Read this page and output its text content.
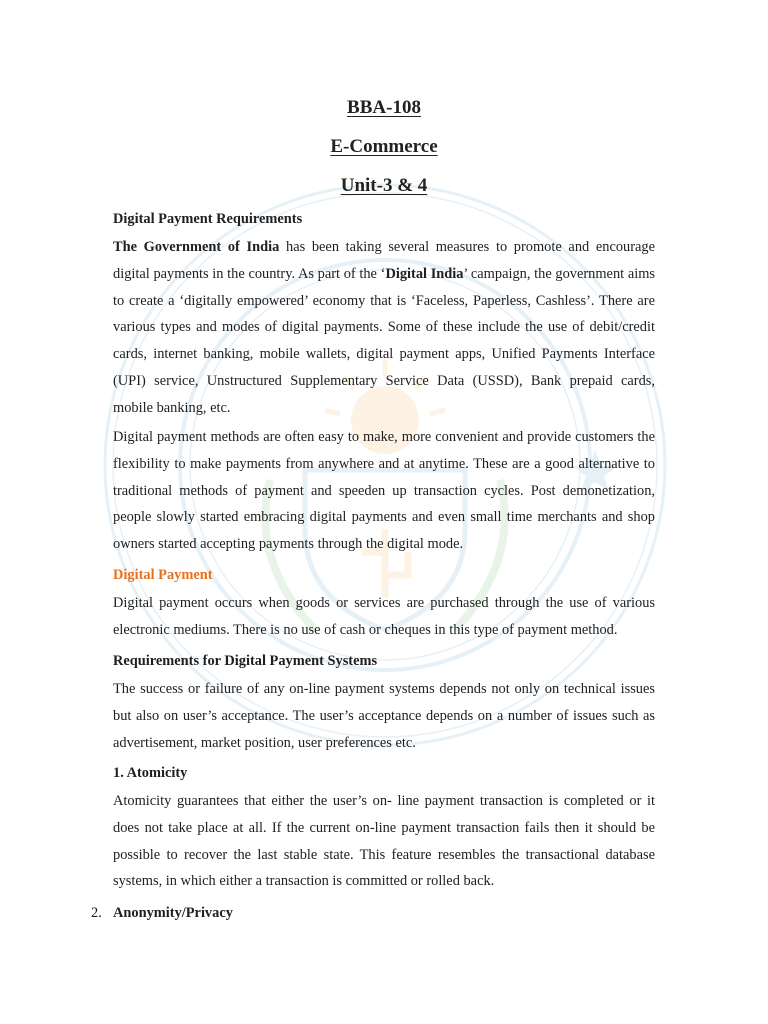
BBA-108
E-Commerce
Unit-3 & 4
Digital Payment Requirements
The Government of India has been taking several measures to promote and encourage digital payments in the country. As part of the ‘Digital India’ campaign, the government aims to create a ‘digitally empowered’ economy that is ‘Faceless, Paperless, Cashless’. There are various types and modes of digital payments. Some of these include the use of debit/credit cards, internet banking, mobile wallets, digital payment apps, Unified Payments Interface (UPI) service, Unstructured Supplementary Service Data (USSD), Bank prepaid cards, mobile banking, etc.
Digital payment methods are often easy to make, more convenient and provide customers the flexibility to make payments from anywhere and at anytime. These are a good alternative to traditional methods of payment and speeden up transaction cycles. Post demonetization, people slowly started embracing digital payments and even small time merchants and shop owners started accepting payments through the digital mode.
Digital Payment
Digital payment occurs when goods or services are purchased through the use of various electronic mediums. There is no use of cash or cheques in this type of payment method.
Requirements for Digital Payment Systems
The success or failure of any on-line payment systems depends not only on technical issues but also on user’s acceptance. The user’s acceptance depends on a number of issues such as advertisement, market position, user preferences etc.
1. Atomicity
Atomicity guarantees that either the user’s on- line payment transaction is completed or it does not take place at all. If the current on-line payment transaction fails then it should be possible to recover the last stable state. This feature resembles the transactional database systems, in which either a transaction is committed or rolled back.
2. Anonymity/Privacy
